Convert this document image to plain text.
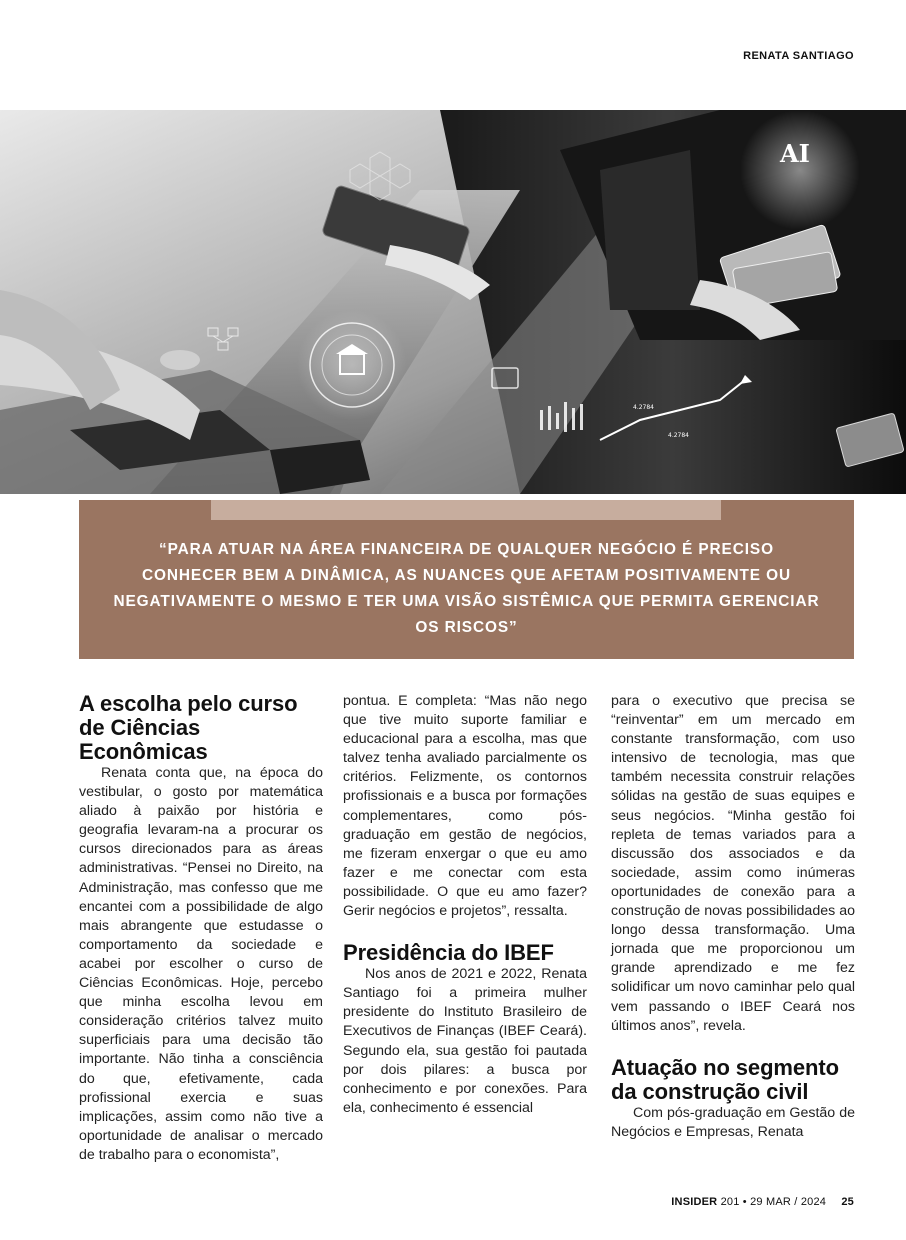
RENATA SANTIAGO
AI
4.2784
4.2784

“PARA ATUAR NA ÁREA FINANCEIRA DE QUALQUER NEGÓCIO É PRECISO CONHECER BEM A DINÂMICA, AS NUANCES QUE AFETAM POSITIVAMENTE OU NEGATIVAMENTE O MESMO E TER UMA VISÃO SISTÊMICA QUE PERMITA GERENCIAR OS RISCOS”

A escolha pelo curso de Ciências Econômicas

Renata conta que, na época do vestibular, o gosto por matemática aliado à paixão por história e geografia levaram-na a procurar os cursos direcionados para as áreas administrativas. “Pensei no Direito, na Administração, mas confesso que me encantei com a possibilidade de algo mais abrangente que estudasse o comportamento da sociedade e acabei por escolher o curso de Ciências Econômicas. Hoje, percebo que minha escolha levou em consideração critérios talvez muito superficiais para uma decisão tão importante. Não tinha a consciência do que, efetivamente, cada profissional exercia e suas implicações, assim como não tive a oportunidade de analisar o mercado de trabalho para o economista”,

pontua. E completa: “Mas não nego que tive muito suporte familiar e educacional para a escolha, mas que talvez tenha avaliado parcialmente os critérios. Felizmente, os contornos profissionais e a busca por formações complementares, como pós-graduação em gestão de negócios, me fizeram enxergar o que eu amo fazer e me conectar com esta possibilidade. O que eu amo fazer? Gerir negócios e projetos”, ressalta.

Presidência do IBEF

Nos anos de 2021 e 2022, Renata Santiago foi a primeira mulher presidente do Instituto Brasileiro de Executivos de Finanças (IBEF Ceará). Segundo ela, sua gestão foi pautada por dois pilares: a busca por conhecimento e por conexões. Para ela, conhecimento é essencial

para o executivo que precisa se “reinventar” em um mercado em constante transformação, com uso intensivo de tecnologia, mas que também necessita construir relações sólidas na gestão de suas equipes e seus negócios. “Minha gestão foi repleta de temas variados para a discussão dos associados e da sociedade, assim como inúmeras oportunidades de conexão para a construção de novas possibilidades ao longo dessa transformação. Uma jornada que me proporcionou um grande aprendizado e me fez solidificar um novo caminhar pelo qual vem passando o IBEF Ceará nos últimos anos”, revela.

Atuação no segmento da construção civil

Com pós-graduação em Gestão de Negócios e Empresas, Renata

INSIDER 201 • 29 MAR / 2024 25
